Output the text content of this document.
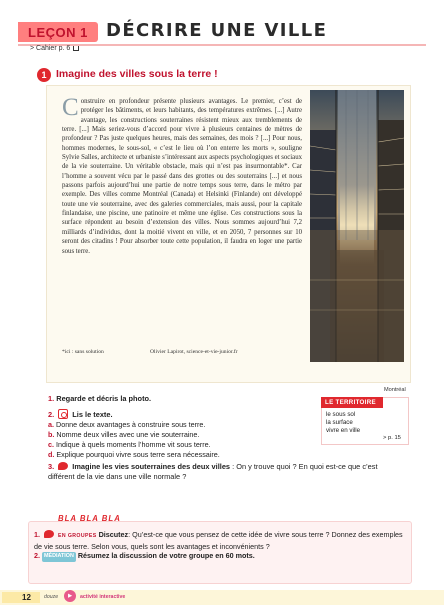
LEÇON 1 DÉCRIRE UNE VILLE
> Cahier p. 6
1 Imagine des villes sous la terre !
Construire en profondeur présente plusieurs avantages. Le premier, c’est de protéger les bâtiments, et leurs habitants, des températures extrêmes. [...] Autre avantage, les constructions souterraines résistent mieux aux tremblements de terre. [...] Mais seriez-vous d’accord pour vivre à plusieurs centaines de mètres de profondeur ? Pas juste quelques heures, mais des semaines, des mois ? [...] Pour nous, hommes modernes, le sous-sol, « c’est le lieu où l’on enterre les morts », souligne Sylvie Salles, architecte et urbaniste s’intéressant aux aspects psychologiques et sociaux de la vie souterraine. Un véritable obstacle, mais qui n’est pas insurmontable*. Car l’homme a souvent vécu par le passé dans des grottes ou des souterrains [...] et nous passons parfois aujourd’hui une partie de notre temps sous terre, dans le métro par exemple. Des villes comme Montréal (Canada) et Helsinki (Finlande) ont développé toute une vie souterraine, avec des galeries commerciales, mais aussi, pour la capitale finlandaise, une piscine, une patinoire et même une église. Ces constructions sous la surface répondent au besoin d’extension des villes. Nous sommes aujourd’hui 7,2 milliards d’individus, dont la moitié vivent en ville, et en 2050, 7 personnes sur 10 seront des citadins ! Pour absorber toute cette population, il faudra en loger une partie sous terre.
*ici : sans solution	Olivier Lapirot, science-et-vie-junior.fr
Montréal
1. Regarde et décris la photo.
2. Lis le texte.
a. Donne deux avantages à construire sous terre.
b. Nomme deux villes avec une vie souterraine.
c. Indique à quels moments l’homme vit sous terre.
d. Explique pourquoi vivre sous terre sera nécessaire.
3. Imagine les vies souterraines des deux villes : On y trouve quoi ? En quoi est-ce que c’est différent de la vie dans une ville normale ?
LE TERRITOIRE
le sous sol
la surface
vivre en ville
> p. 15
BLA BLA BLA
1.	EN GROUPES Discutez: Qu’est-ce que vous pensez de cette idée de vivre sous terre ? Donnez des exemples de vie sous terre. Selon vous, quels sont les avantages et inconvénients ?
2. MÉDIATION Résumez la discussion de votre groupe en 60 mots.
12	douze	▶	activité interactive
